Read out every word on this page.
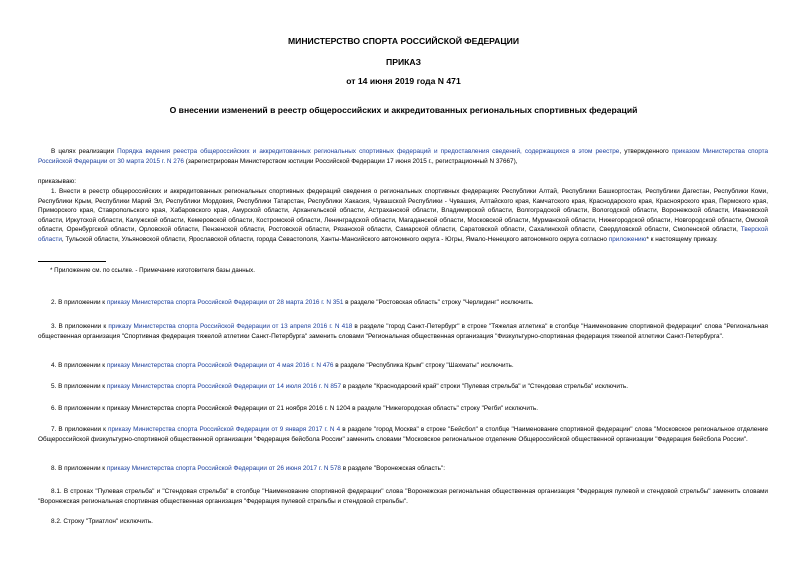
МИНИСТЕРСТВО СПОРТА РОССИЙСКОЙ ФЕДЕРАЦИИ
ПРИКАЗ
от 14 июня 2019 года N 471
О внесении изменений в реестр общероссийских и аккредитованных региональных спортивных федераций
В целях реализации Порядка ведения реестра общероссийских и аккредитованных региональных спортивных федераций и предоставления сведений, содержащихся в этом реестре, утвержденного приказом Министерства спорта Российской Федерации от 30 марта 2015 г. N 276 (зарегистрирован Министерством юстиции Российской Федерации 17 июня 2015 г., регистрационный N 37667),
приказываю:
1. Внести в реестр общероссийских и аккредитованных региональных спортивных федераций сведения о региональных спортивных федерациях Республики Алтай, Республики Башкортостан, Республики Дагестан, Республики Коми, Республики Крым, Республики Марий Эл, Республики Мордовия, Республики Татарстан, Республики Хакасия, Чувашской Республики - Чувашия, Алтайского края, Камчатского края, Краснодарского края, Красноярского края, Пермского края, Приморского края, Ставропольского края, Хабаровского края, Амурской области, Архангельской области, Астраханской области, Владимирской области, Волгоградской области, Вологодской области, Воронежской области, Ивановской области, Иркутской области, Калужской области, Кемеровской области, Костромской области, Ленинградской области, Магаданской области, Московской области, Мурманской области, Нижегородской области, Новгородской области, Омской области, Оренбургской области, Орловской области, Пензенской области, Ростовской области, Рязанской области, Самарской области, Саратовской области, Сахалинской области, Свердловской области, Смоленской области, Тверской области, Тульской области, Ульяновской области, Ярославской области, города Севастополя, Ханты-Мансийского автономного округа - Югры, Ямало-Ненецкого автономного округа согласно приложению* к настоящему приказу.
* Приложение см. по ссылке. - Примечание изготовителя базы данных.
2. В приложении к приказу Министерства спорта Российской Федерации от 28 марта 2016 г. N 351 в разделе "Ростовская область" строку "Черлидинг" исключить.
3. В приложении к приказу Министерства спорта Российской Федерации от 13 апреля 2016 г. N 418 в разделе "город Санкт-Петербург" в строке "Тяжелая атлетика" в столбце "Наименование спортивной федерации" слова "Региональная общественная организация "Спортивная федерация тяжелой атлетики Санкт-Петербурга" заменить словами "Региональная общественная организация "Физкультурно-спортивная федерация тяжелой атлетики Санкт-Петербурга".
4. В приложении к приказу Министерства спорта Российской Федерации от 4 мая 2016 г. N 476 в разделе "Республика Крым" строку "Шахматы" исключить.
5. В приложении к приказу Министерства спорта Российской Федерации от 14 июля 2016 г. N 857 в разделе "Краснодарский край" строки "Пулевая стрельба" и "Стендовая стрельба" исключить.
6. В приложении к приказу Министерства спорта Российской Федерации от 21 ноября 2016 г. N 1204 в разделе "Нижегородская область" строку "Регби" исключить.
7. В приложении к приказу Министерства спорта Российской Федерации от 9 января 2017 г. N 4 в разделе "город Москва" в строке "Бейсбол" в столбце "Наименование спортивной федерации" слова "Московское региональное отделение Общероссийской физкультурно-спортивной общественной организации "Федерация бейсбола России" заменить словами "Московское региональное отделение Общероссийской общественной организации "Федерация бейсбола России".
8. В приложении к приказу Министерства спорта Российской Федерации от 26 июня 2017 г. N 578 в разделе "Воронежская область":
8.1. В строках "Пулевая стрельба" и "Стендовая стрельба" в столбце "Наименование спортивной федерации" слова "Воронежская региональная общественная организация "Федерация пулевой и стендовой стрельбы" заменить словами "Воронежская региональная спортивная общественная организация "Федерация пулевой стрельбы и стендовой стрельбы".
8.2. Строку "Триатлон" исключить.
